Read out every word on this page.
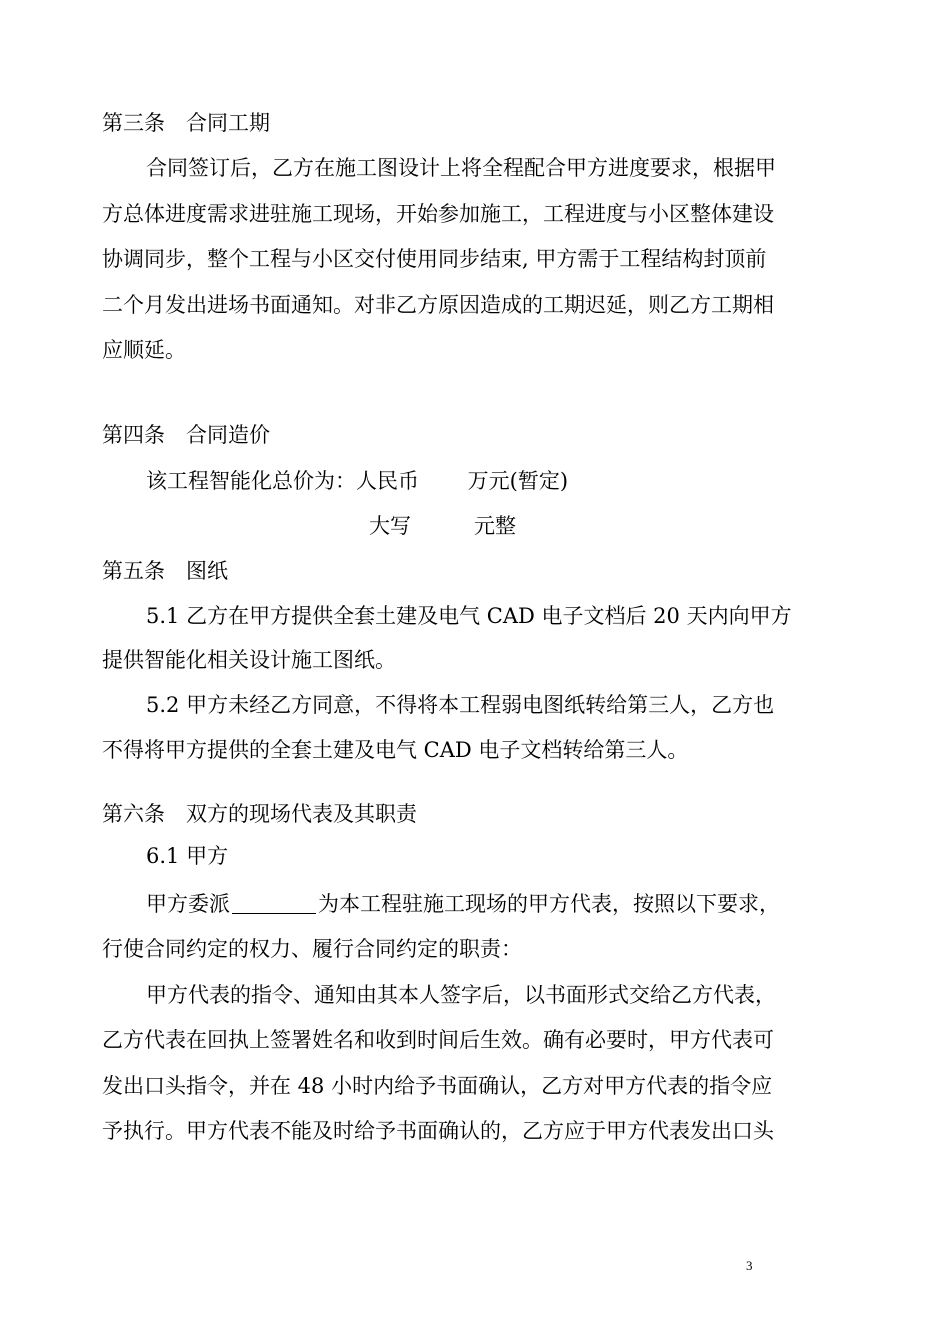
第三条　合同工期
合同签订后，乙方在施工图设计上将全程配合甲方进度要求，根据甲
方总体进度需求进驻施工现场，开始参加施工，工程进度与小区整体建设
协调同步，整个工程与小区交付使用同步结束, 甲方需于工程结构封顶前
二个月发出进场书面通知。对非乙方原因造成的工期迟延，则乙方工期相
应顺延。
第四条　合同造价
该工程智能化总价为：人民币　　 万元(暂定)
大写　　　元整
第五条　图纸
5.1 乙方在甲方提供全套土建及电气 CAD 电子文档后 20 天内向甲方
提供智能化相关设计施工图纸。
5.2 甲方未经乙方同意，不得将本工程弱电图纸转给第三人，乙方也
不得将甲方提供的全套土建及电气 CAD 电子文档转给第三人。
第六条　双方的现场代表及其职责
6.1 甲方
甲方委派	为本工程驻施工现场的甲方代表，按照以下要求，
行使合同约定的权力、履行合同约定的职责：
甲方代表的指令、通知由其本人签字后，以书面形式交给乙方代表，
乙方代表在回执上签署姓名和收到时间后生效。确有必要时，甲方代表可
发出口头指令，并在 48 小时内给予书面确认，乙方对甲方代表的指令应
予执行。甲方代表不能及时给予书面确认的，乙方应于甲方代表发出口头
3
